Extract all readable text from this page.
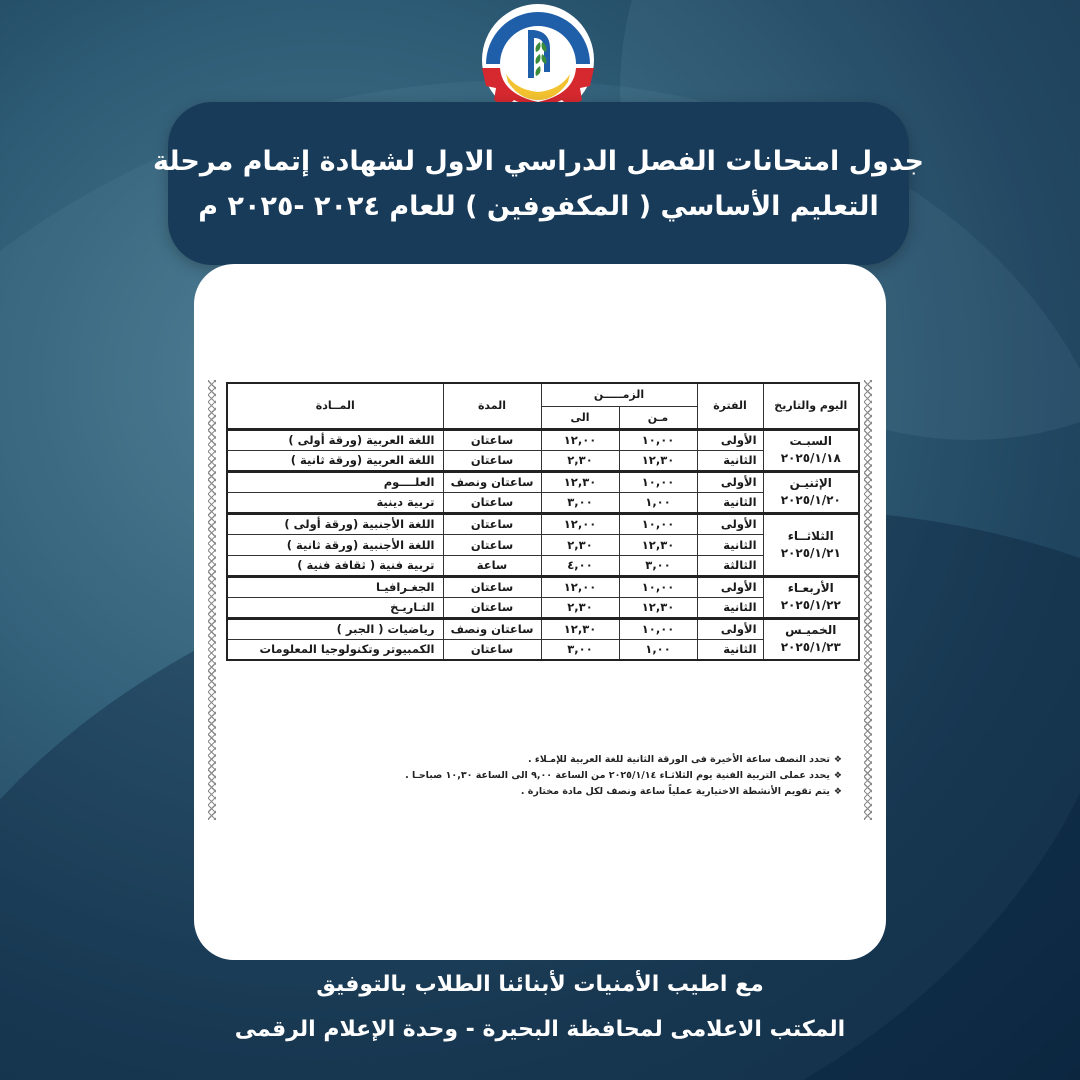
جدول امتحانات الفصل الدراسي الاول لشهادة إتمام مرحلة
التعليم الأساسي ( المكفوفين ) للعام ٢٠٢٤ -٢٠٢٥ م
اليوم والتاريخ	الفترة	الزمـــــن		المدة	المــادة
		مـن	الى		
السبـت
٢٠٢٥/١/١٨	الأولى	١٠,٠٠	١٢,٠٠	ساعتان	اللغة العربية (ورقة أولى )
	الثانية	١٢,٣٠	٢,٣٠	ساعتان	اللغة العربية (ورقة ثانية )
الإثنيـن
٢٠٢٥/١/٢٠	الأولى	١٠,٠٠	١٢,٣٠	ساعتان ونصف	العلــــوم
	الثانية	١,٠٠	٣,٠٠	ساعتان	تربية دينية
الثلاثــاء
٢٠٢٥/١/٢١	الأولى	١٠,٠٠	١٢,٠٠	ساعتان	اللغة الأجنبية (ورقة أولى )
	الثانية	١٢,٣٠	٢,٣٠	ساعتان	اللغة الأجنبية (ورقة ثانية )
	الثالثة	٣,٠٠	٤,٠٠	ساعة	تربية فنية ( ثقافة فنية )
الأربعـاء
٢٠٢٥/١/٢٢	الأولى	١٠,٠٠	١٢,٠٠	ساعتان	الجغـرافيـا
	الثانية	١٢,٣٠	٢,٣٠	ساعتان	التـاريـخ
الخميـس
٢٠٢٥/١/٢٣	الأولى	١٠,٠٠	١٢,٣٠	ساعتان ونصف	رياضيات ( الجبر )
	الثانية	١,٠٠	٣,٠٠	ساعتان	الكمبيوتر وتكنولوجيا المعلومات
❖
تحدد النصف ساعة الأخيرة فى الورقة الثانية للغة العربية للإمـلاء .
❖
يحدد عملى التربية الفنية يوم الثلاثـاء ٢٠٢٥/١/١٤ من الساعة ٩,٠٠ الى الساعة ١٠,٣٠ صباحـا .
❖
يتم تقويم الأنشطة الاختيارية عملياً ساعة ونصف لكل مادة مختارة .
مع اطيب الأمنيات لأبنائنا الطلاب بالتوفيق
المكتب الاعلامى لمحافظة البحيرة - وحدة الإعلام الرقمى
